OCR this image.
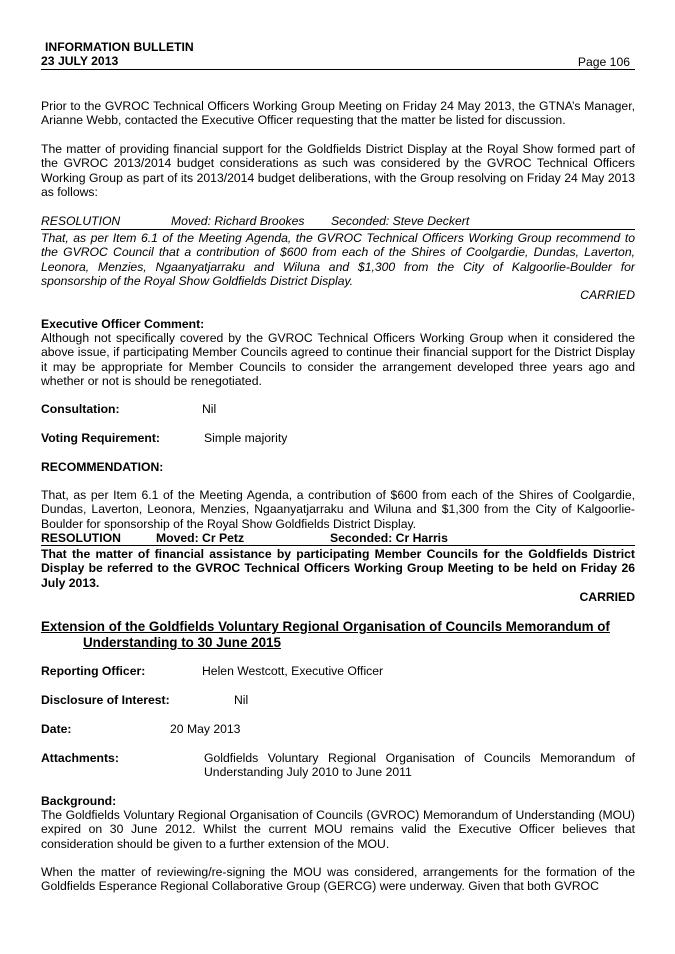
INFORMATION BULLETIN
23 JULY 2013	Page 106
Prior to the GVROC Technical Officers Working Group Meeting on Friday 24 May 2013, the GTNA’s Manager, Arianne Webb, contacted the Executive Officer requesting that the matter be listed for discussion.
The matter of providing financial support for the Goldfields District Display at the Royal Show formed part of the GVROC 2013/2014 budget considerations as such was considered by the GVROC Technical Officers Working Group as part of its 2013/2014 budget deliberations, with the Group resolving on Friday 24 May 2013 as follows:
RESOLUTION	Moved: Richard Brookes Seconded: Steve Deckert
That, as per Item 6.1 of the Meeting Agenda, the GVROC Technical Officers Working Group recommend to the GVROC Council that a contribution of $600 from each of the Shires of Coolgardie, Dundas, Laverton, Leonora, Menzies, Ngaanyatjarraku and Wiluna and $1,300 from the City of Kalgoorlie-Boulder for sponsorship of the Royal Show Goldfields District Display.
CARRIED
Executive Officer Comment:
Although not specifically covered by the GVROC Technical Officers Working Group when it considered the above issue, if participating Member Councils agreed to continue their financial support for the District Display it may be appropriate for Member Councils to consider the arrangement developed three years ago and whether or not is should be renegotiated.
Consultation:	Nil
Voting Requirement:	Simple majority
RECOMMENDATION:
That, as per Item 6.1 of the Meeting Agenda, a contribution of $600 from each of the Shires of Coolgardie, Dundas, Laverton, Leonora, Menzies, Ngaanyatjarraku and Wiluna and $1,300 from the City of Kalgoorlie-Boulder for sponsorship of the Royal Show Goldfields District Display.
RESOLUTION	Moved: Cr Petz	Seconded: Cr Harris
That the matter of financial assistance by participating Member Councils for the Goldfields District Display be referred to the GVROC Technical Officers Working Group Meeting to be held on Friday 26 July 2013.
CARRIED
Extension of the Goldfields Voluntary Regional Organisation of Councils Memorandum of
Understanding to 30 June 2015
Reporting Officer:	Helen Westcott, Executive Officer
Disclosure of Interest:	Nil
Date:	20 May 2013
Attachments:	Goldfields Voluntary Regional Organisation of Councils Memorandum of Understanding July 2010 to June 2011
Background:
The Goldfields Voluntary Regional Organisation of Councils (GVROC) Memorandum of Understanding (MOU) expired on 30 June 2012. Whilst the current MOU remains valid the Executive Officer believes that consideration should be given to a further extension of the MOU.
When the matter of reviewing/re-signing the MOU was considered, arrangements for the formation of the Goldfields Esperance Regional Collaborative Group (GERCG) were underway. Given that both GVROC
